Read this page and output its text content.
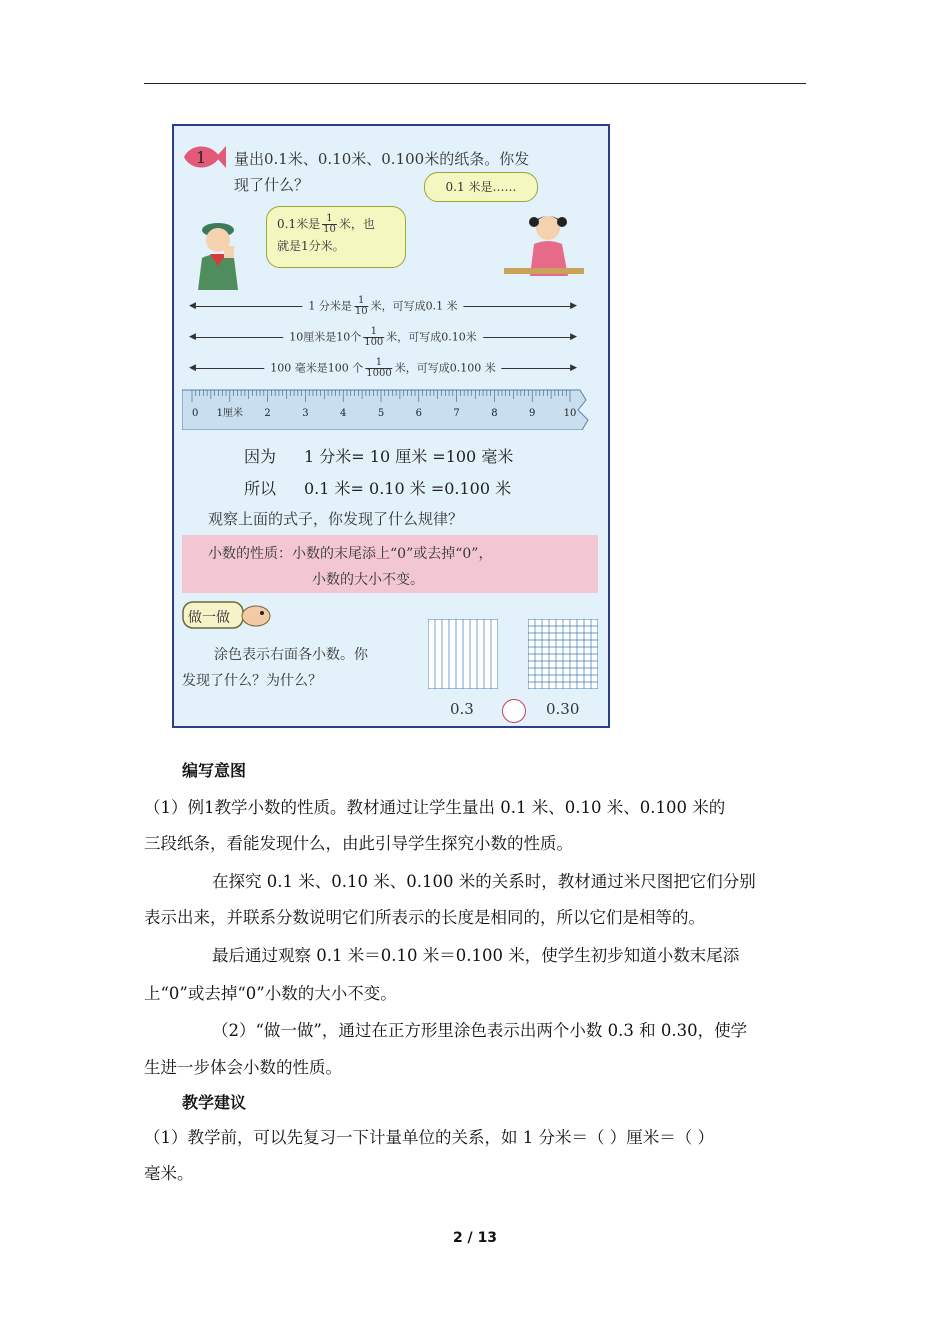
1 量出0.1米、0.10米、0.100米的纸条。你发
现了什么？	0.1 米是……
0.1米是 $\frac{1}{10}$ 米，也
就是1分米。
◀	▶
1 分米是 $\frac{1}{10}$ 米，可写成0.1 米
◀	▶
10厘米是10个 $\frac{1}{100}$ 米，可写成0.10米
◀	▶
100 毫米是100 个 $\frac{1}{1000}$ 米，可写成0.100 米
0 1厘米 2	3	4	5	6	7	8	9	10
因为 1 分米= 10 厘米 =100 毫米
所以 0.1 米= 0.10 米 =0.100 米
观察上面的式子，你发现了什么规律？
小数的性质：小数的末尾添上“0”或去掉“0”，
小数的大小不变。
做一做
涂色表示右面各小数。你
发现了什么？为什么？
0.3	0.30
编写意图
（1）例1教学小数的性质。教材通过让学生量出 0.1 米、0.10 米、0.100 米的
三段纸条，看能发现什么，由此引导学生探究小数的性质。
在探究 0.1 米、0.10 米、0.100 米的关系时，教材通过米尺图把它们分别
表示出来，并联系分数说明它们所表示的长度是相同的，所以它们是相等的。
最后通过观察 0.1 米＝0.10 米＝0.100 米，使学生初步知道小数末尾添
上“0”或去掉“0”小数的大小不变。
（2）“做一做”，通过在正方形里涂色表示出两个小数 0.3 和 0.30，使学
生进一步体会小数的性质。
教学建议
（1）教学前，可以先复习一下计量单位的关系，如 1 分米＝（ ）厘米＝（ ）
毫米。
2 / 13
